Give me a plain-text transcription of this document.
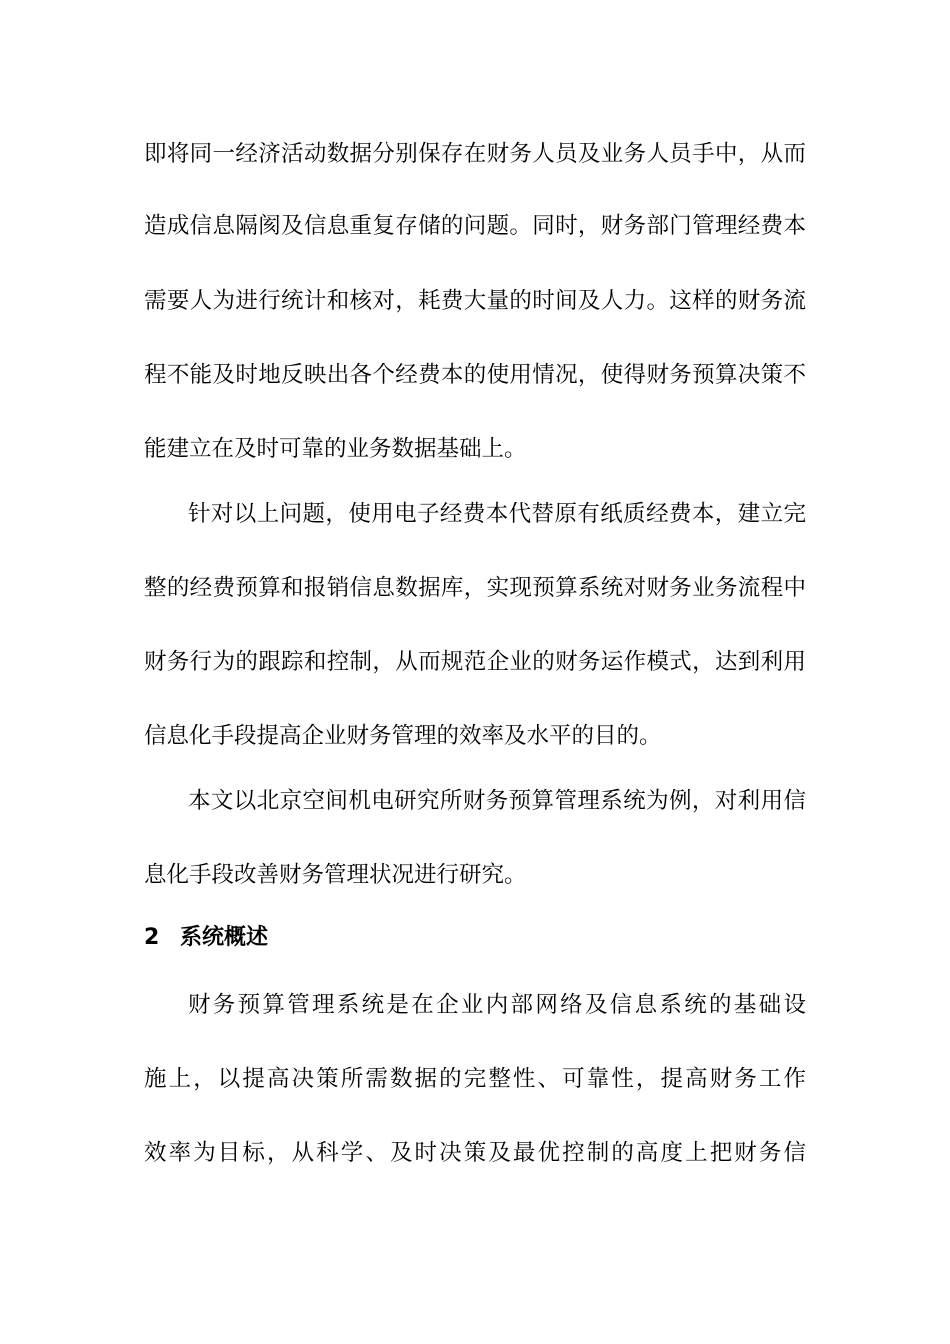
即将同一经济活动数据分别保存在财务人员及业务人员手中，从而
造成信息隔阂及信息重复存储的问题。同时，财务部门管理经费本
需要人为进行统计和核对，耗费大量的时间及人力。这样的财务流
程不能及时地反映出各个经费本的使用情况，使得财务预算决策不
能建立在及时可靠的业务数据基础上。
针对以上问题，使用电子经费本代替原有纸质经费本，建立完
整的经费预算和报销信息数据库，实现预算系统对财务业务流程中
财务行为的跟踪和控制，从而规范企业的财务运作模式，达到利用
信息化手段提高企业财务管理的效率及水平的目的。
本文以北京空间机电研究所财务预算管理系统为例，对利用信
息化手段改善财务管理状况进行研究。
2 系统概述
财务预算管理系统是在企业内部网络及信息系统的基础设
施上，以提高决策所需数据的完整性、可靠性，提高财务工作
效率为目标，从科学、及时决策及最优控制的高度上把财务信
